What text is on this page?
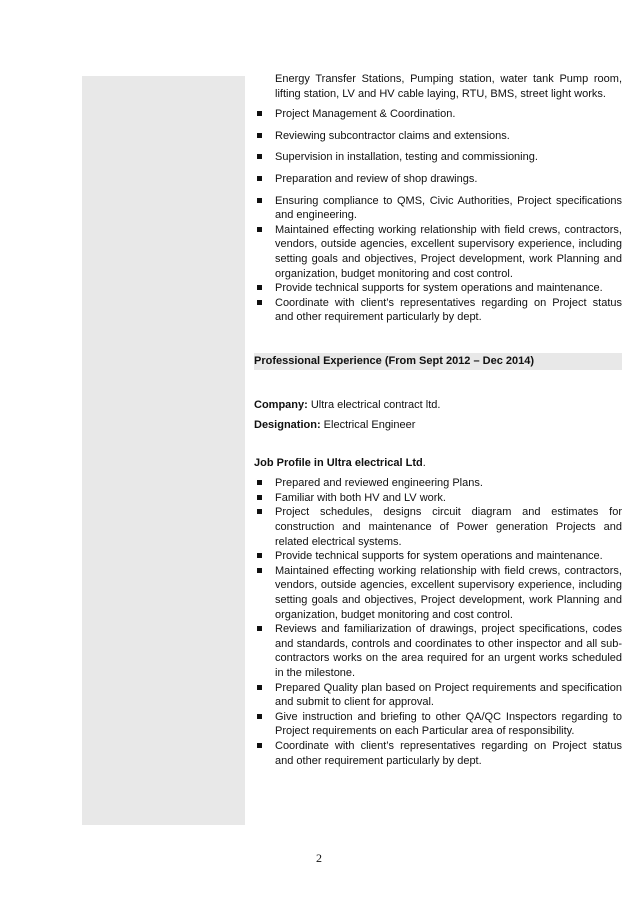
Energy Transfer Stations, Pumping station, water tank Pump room, lifting station, LV and HV cable laying, RTU, BMS, street light works.
Project Management & Coordination.
Reviewing subcontractor claims and extensions.
Supervision in installation, testing and commissioning.
Preparation and review of shop drawings.
Ensuring compliance to QMS, Civic Authorities, Project specifications and engineering.
Maintained effecting working relationship with field crews, contractors, vendors, outside agencies, excellent supervisory experience, including setting goals and objectives, Project development, work Planning and organization, budget monitoring and cost control.
Provide technical supports for system operations and maintenance.
Coordinate with client’s representatives regarding on Project status and other requirement particularly by dept.
Professional Experience (From Sept 2012 – Dec 2014)
Company: Ultra electrical contract ltd.
Designation: Electrical Engineer
Job Profile in Ultra electrical Ltd.
Prepared and reviewed engineering Plans.
Familiar with both HV and LV work.
Project schedules, designs circuit diagram and estimates for construction and maintenance of Power generation Projects and related electrical systems.
Provide technical supports for system operations and maintenance.
Maintained effecting working relationship with field crews, contractors, vendors, outside agencies, excellent supervisory experience, including setting goals and objectives, Project development, work Planning and organization, budget monitoring and cost control.
Reviews and familiarization of drawings, project specifications, codes and standards, controls and coordinates to other inspector and all sub-contractors works on the area required for an urgent works scheduled in the milestone.
Prepared Quality plan based on Project requirements and specification and submit to client for approval.
Give instruction and briefing to other QA/QC Inspectors regarding to Project requirements on each Particular area of responsibility.
Coordinate with client’s representatives regarding on Project status and other requirement particularly by dept.
2
